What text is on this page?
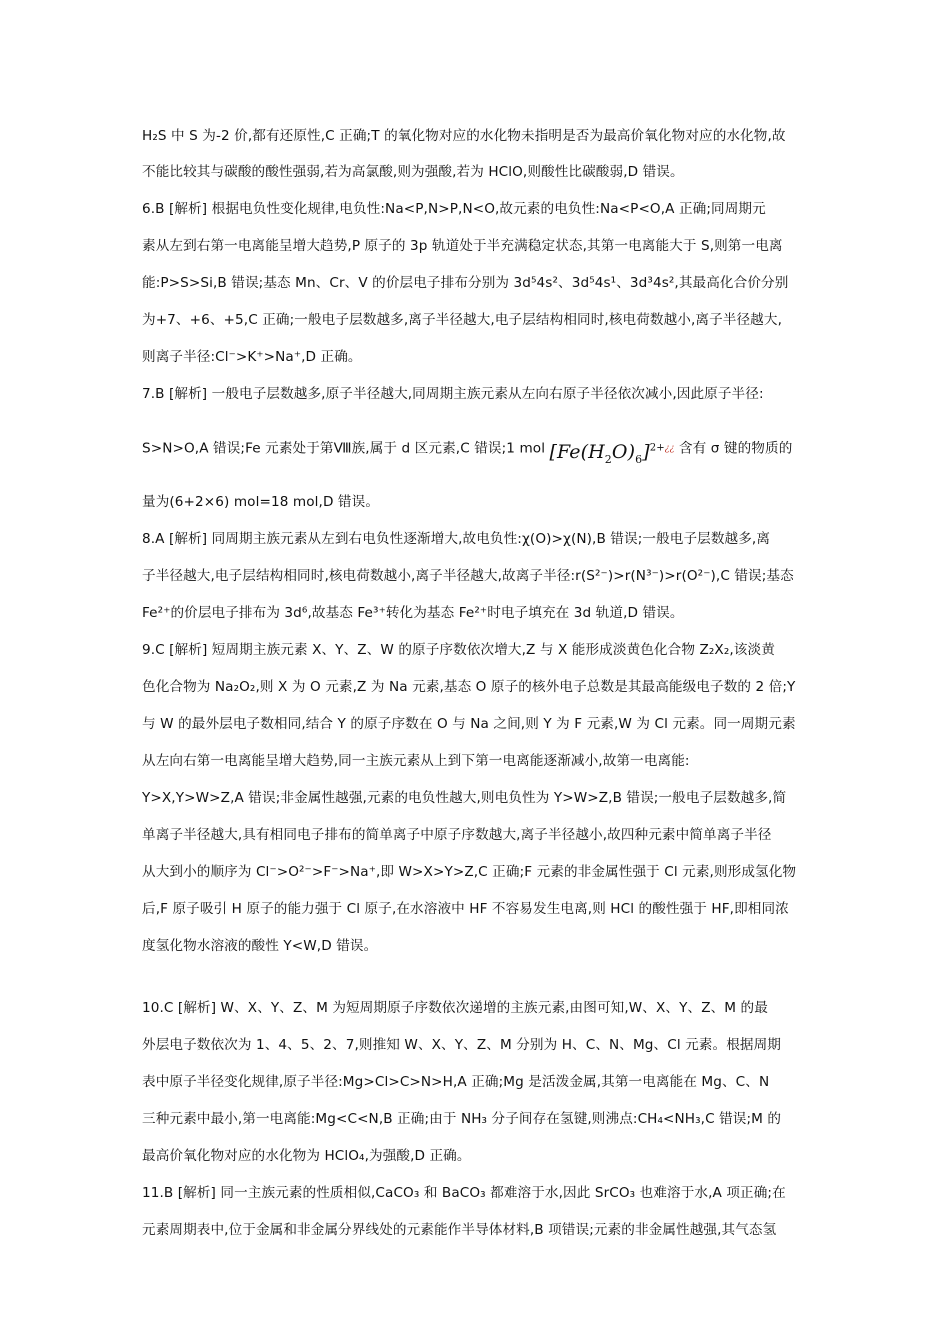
H₂S 中 S 为-2 价,都有还原性,C 正确;T 的氧化物对应的水化物未指明是否为最高价氧化物对应的水化物,故
不能比较其与碳酸的酸性强弱,若为高氯酸,则为强酸,若为 HClO,则酸性比碳酸弱,D 错误。
6.B [解析] 根据电负性变化规律,电负性:Na<P,N>P,N<O,故元素的电负性:Na<P<O,A 正确;同周期元
素从左到右第一电离能呈增大趋势,P 原子的 3p 轨道处于半充满稳定状态,其第一电离能大于 S,则第一电离
能:P>S>Si,B 错误;基态 Mn、Cr、V 的价层电子排布分别为 3d⁵4s²、3d⁵4s¹、3d³4s²,其最高化合价分别
为+7、+6、+5,C 正确;一般电子层数越多,离子半径越大,电子层结构相同时,核电荷数越小,离子半径越大,
则离子半径:Cl⁻>K⁺>Na⁺,D 正确。
7.B [解析] 一般电子层数越多,原子半径越大,同周期主族元素从左向右原子半径依次减小,因此原子半径:
S>N>O,A 错误;Fe 元素处于第Ⅷ族,属于 d 区元素,C 错误;1 mol $[Fe(H_2O)_6]^{2+¿¿}$ 含有 σ 键的物质的
量为(6+2×6) mol=18 mol,D 错误。
8.A [解析] 同周期主族元素从左到右电负性逐渐增大,故电负性:χ(O)>χ(N),B 错误;一般电子层数越多,离
子半径越大,电子层结构相同时,核电荷数越小,离子半径越大,故离子半径:r(S²⁻)>r(N³⁻)>r(O²⁻),C 错误;基态
Fe²⁺的价层电子排布为 3d⁶,故基态 Fe³⁺转化为基态 Fe²⁺时电子填充在 3d 轨道,D 错误。
9.C [解析] 短周期主族元素 X、Y、Z、W 的原子序数依次增大,Z 与 X 能形成淡黄色化合物 Z₂X₂,该淡黄
色化合物为 Na₂O₂,则 X 为 O 元素,Z 为 Na 元素,基态 O 原子的核外电子总数是其最高能级电子数的 2 倍;Y
与 W 的最外层电子数相同,结合 Y 的原子序数在 O 与 Na 之间,则 Y 为 F 元素,W 为 Cl 元素。同一周期元素
从左向右第一电离能呈增大趋势,同一主族元素从上到下第一电离能逐渐减小,故第一电离能:
Y>X,Y>W>Z,A 错误;非金属性越强,元素的电负性越大,则电负性为 Y>W>Z,B 错误;一般电子层数越多,简
单离子半径越大,具有相同电子排布的简单离子中原子序数越大,离子半径越小,故四种元素中简单离子半径
从大到小的顺序为 Cl⁻>O²⁻>F⁻>Na⁺,即 W>X>Y>Z,C 正确;F 元素的非金属性强于 Cl 元素,则形成氢化物
后,F 原子吸引 H 原子的能力强于 Cl 原子,在水溶液中 HF 不容易发生电离,则 HCl 的酸性强于 HF,即相同浓
度氢化物水溶液的酸性 Y<W,D 错误。
10.C [解析] W、X、Y、Z、M 为短周期原子序数依次递增的主族元素,由图可知,W、X、Y、Z、M 的最
外层电子数依次为 1、4、5、2、7,则推知 W、X、Y、Z、M 分别为 H、C、N、Mg、Cl 元素。根据周期
表中原子半径变化规律,原子半径:Mg>Cl>C>N>H,A 正确;Mg 是活泼金属,其第一电离能在 Mg、C、N
三种元素中最小,第一电离能:Mg<C<N,B 正确;由于 NH₃ 分子间存在氢键,则沸点:CH₄<NH₃,C 错误;M 的
最高价氧化物对应的水化物为 HClO₄,为强酸,D 正确。
11.B [解析] 同一主族元素的性质相似,CaCO₃ 和 BaCO₃ 都难溶于水,因此 SrCO₃ 也难溶于水,A 项正确;在
元素周期表中,位于金属和非金属分界线处的元素能作半导体材料,B 项错误;元素的非金属性越强,其气态氢
